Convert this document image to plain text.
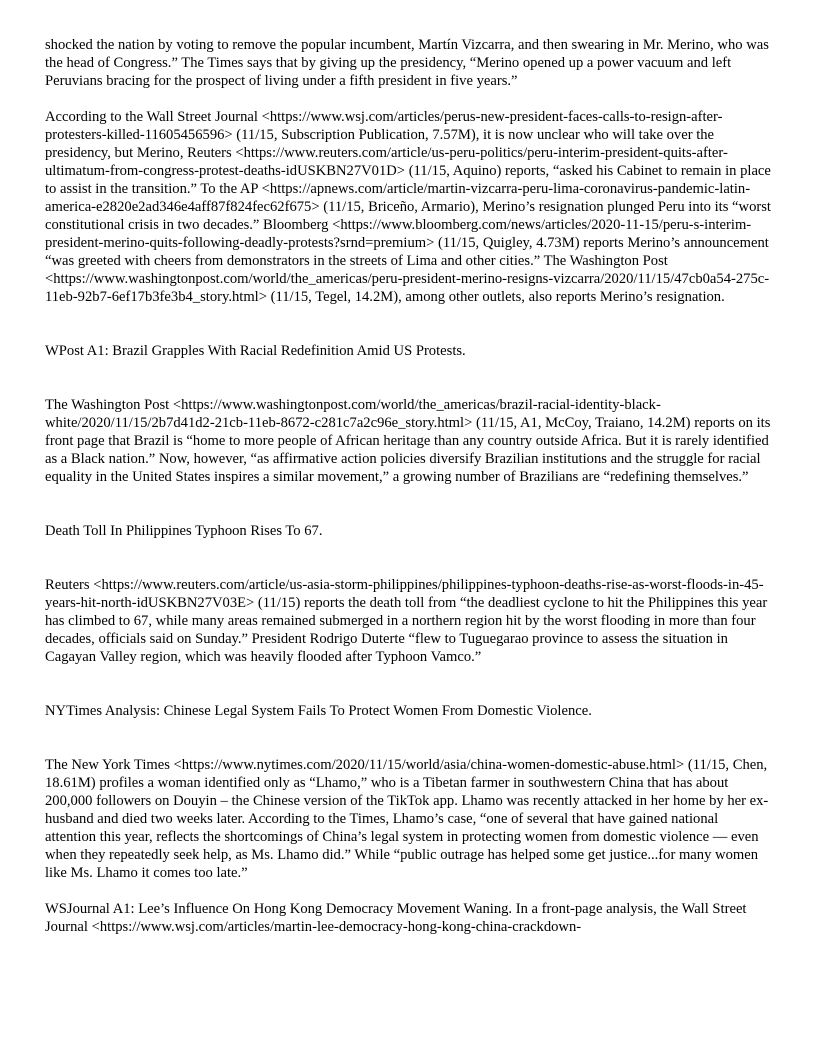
shocked the nation by voting to remove the popular incumbent, Martín Vizcarra, and then swearing in Mr. Merino, who was the head of Congress.” The Times says that by giving up the presidency, “Merino opened up a power vacuum and left Peruvians bracing for the prospect of living under a fifth president in five years.”

According to the Wall Street Journal <https://www.wsj.com/articles/perus-new-president-faces-calls-to-resign-after-protesters-killed-11605456596> (11/15, Subscription Publication, 7.57M), it is now unclear who will take over the presidency, but Merino, Reuters <https://www.reuters.com/article/us-peru-politics/peru-interim-president-quits-after-ultimatum-from-congress-protest-deaths-idUSKBN27V01D> (11/15, Aquino) reports, “asked his Cabinet to remain in place to assist in the transition.” To the AP <https://apnews.com/article/martin-vizcarra-peru-lima-coronavirus-pandemic-latin-america-e2820e2ad346e4aff87f824fec62f675> (11/15, Briceño, Armario), Merino’s resignation plunged Peru into its “worst constitutional crisis in two decades.” Bloomberg <https://www.bloomberg.com/news/articles/2020-11-15/peru-s-interim-president-merino-quits-following-deadly-protests?srnd=premium> (11/15, Quigley, 4.73M) reports Merino’s announcement “was greeted with cheers from demonstrators in the streets of Lima and other cities.” The Washington Post <https://www.washingtonpost.com/world/the_americas/peru-president-merino-resigns-vizcarra/2020/11/15/47cb0a54-275c-11eb-92b7-6ef17b3fe3b4_story.html> (11/15, Tegel, 14.2M), among other outlets, also reports Merino’s resignation.

WPost A1: Brazil Grapples With Racial Redefinition Amid US Protests.

The Washington Post <https://www.washingtonpost.com/world/the_americas/brazil-racial-identity-black-white/2020/11/15/2b7d41d2-21cb-11eb-8672-c281c7a2c96e_story.html> (11/15, A1, McCoy, Traiano, 14.2M) reports on its front page that Brazil is “home to more people of African heritage than any country outside Africa. But it is rarely identified as a Black nation.” Now, however, “as affirmative action policies diversify Brazilian institutions and the struggle for racial equality in the United States inspires a similar movement,” a growing number of Brazilians are “redefining themselves.”

Death Toll In Philippines Typhoon Rises To 67.

Reuters <https://www.reuters.com/article/us-asia-storm-philippines/philippines-typhoon-deaths-rise-as-worst-floods-in-45-years-hit-north-idUSKBN27V03E> (11/15) reports the death toll from “the deadliest cyclone to hit the Philippines this year has climbed to 67, while many areas remained submerged in a northern region hit by the worst flooding in more than four decades, officials said on Sunday.” President Rodrigo Duterte “flew to Tuguegarao province to assess the situation in Cagayan Valley region, which was heavily flooded after Typhoon Vamco.”

NYTimes Analysis: Chinese Legal System Fails To Protect Women From Domestic Violence.

The New York Times <https://www.nytimes.com/2020/11/15/world/asia/china-women-domestic-abuse.html> (11/15, Chen, 18.61M) profiles a woman identified only as “Lhamo,” who is a Tibetan farmer in southwestern China that has about 200,000 followers on Douyin – the Chinese version of the TikTok app. Lhamo was recently attacked in her home by her ex-husband and died two weeks later. According to the Times, Lhamo’s case, “one of several that have gained national attention this year, reflects the shortcomings of China’s legal system in protecting women from domestic violence — even when they repeatedly seek help, as Ms. Lhamo did.” While “public outrage has helped some get justice...for many women like Ms. Lhamo it comes too late.”

WSJournal A1: Lee’s Influence On Hong Kong Democracy Movement Waning. In a front-page analysis, the Wall Street Journal <https://www.wsj.com/articles/martin-lee-democracy-hong-kong-china-crackdown-
